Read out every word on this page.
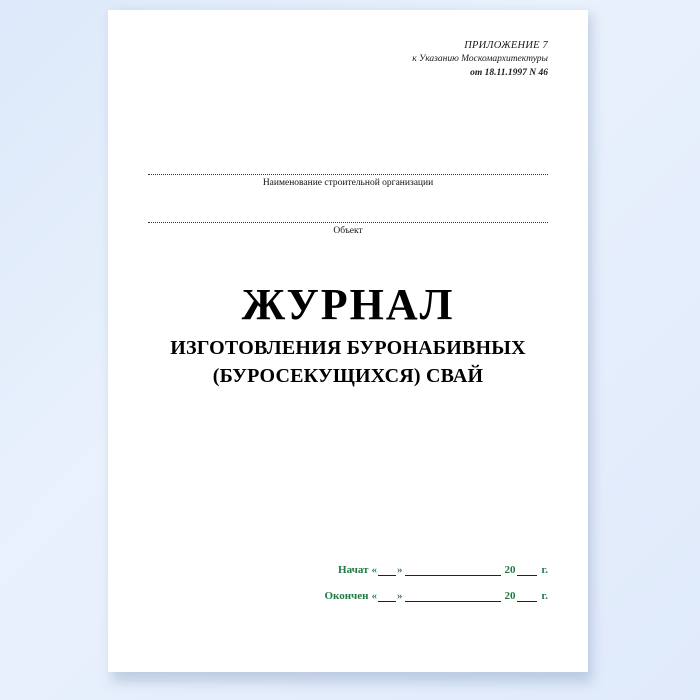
ПРИЛОЖЕНИЕ 7
к Указанию Москомархитектуры
от 18.11.1997 N 46
Наименование строительной организации
Объект
ЖУРНАЛ
ИЗГОТОВЛЕНИЯ БУРОНАБИВНЫХ
(БУРОСЕКУЩИХСЯ) СВАЙ
Начат « »	20 г.
Окончен « »	20 г.
